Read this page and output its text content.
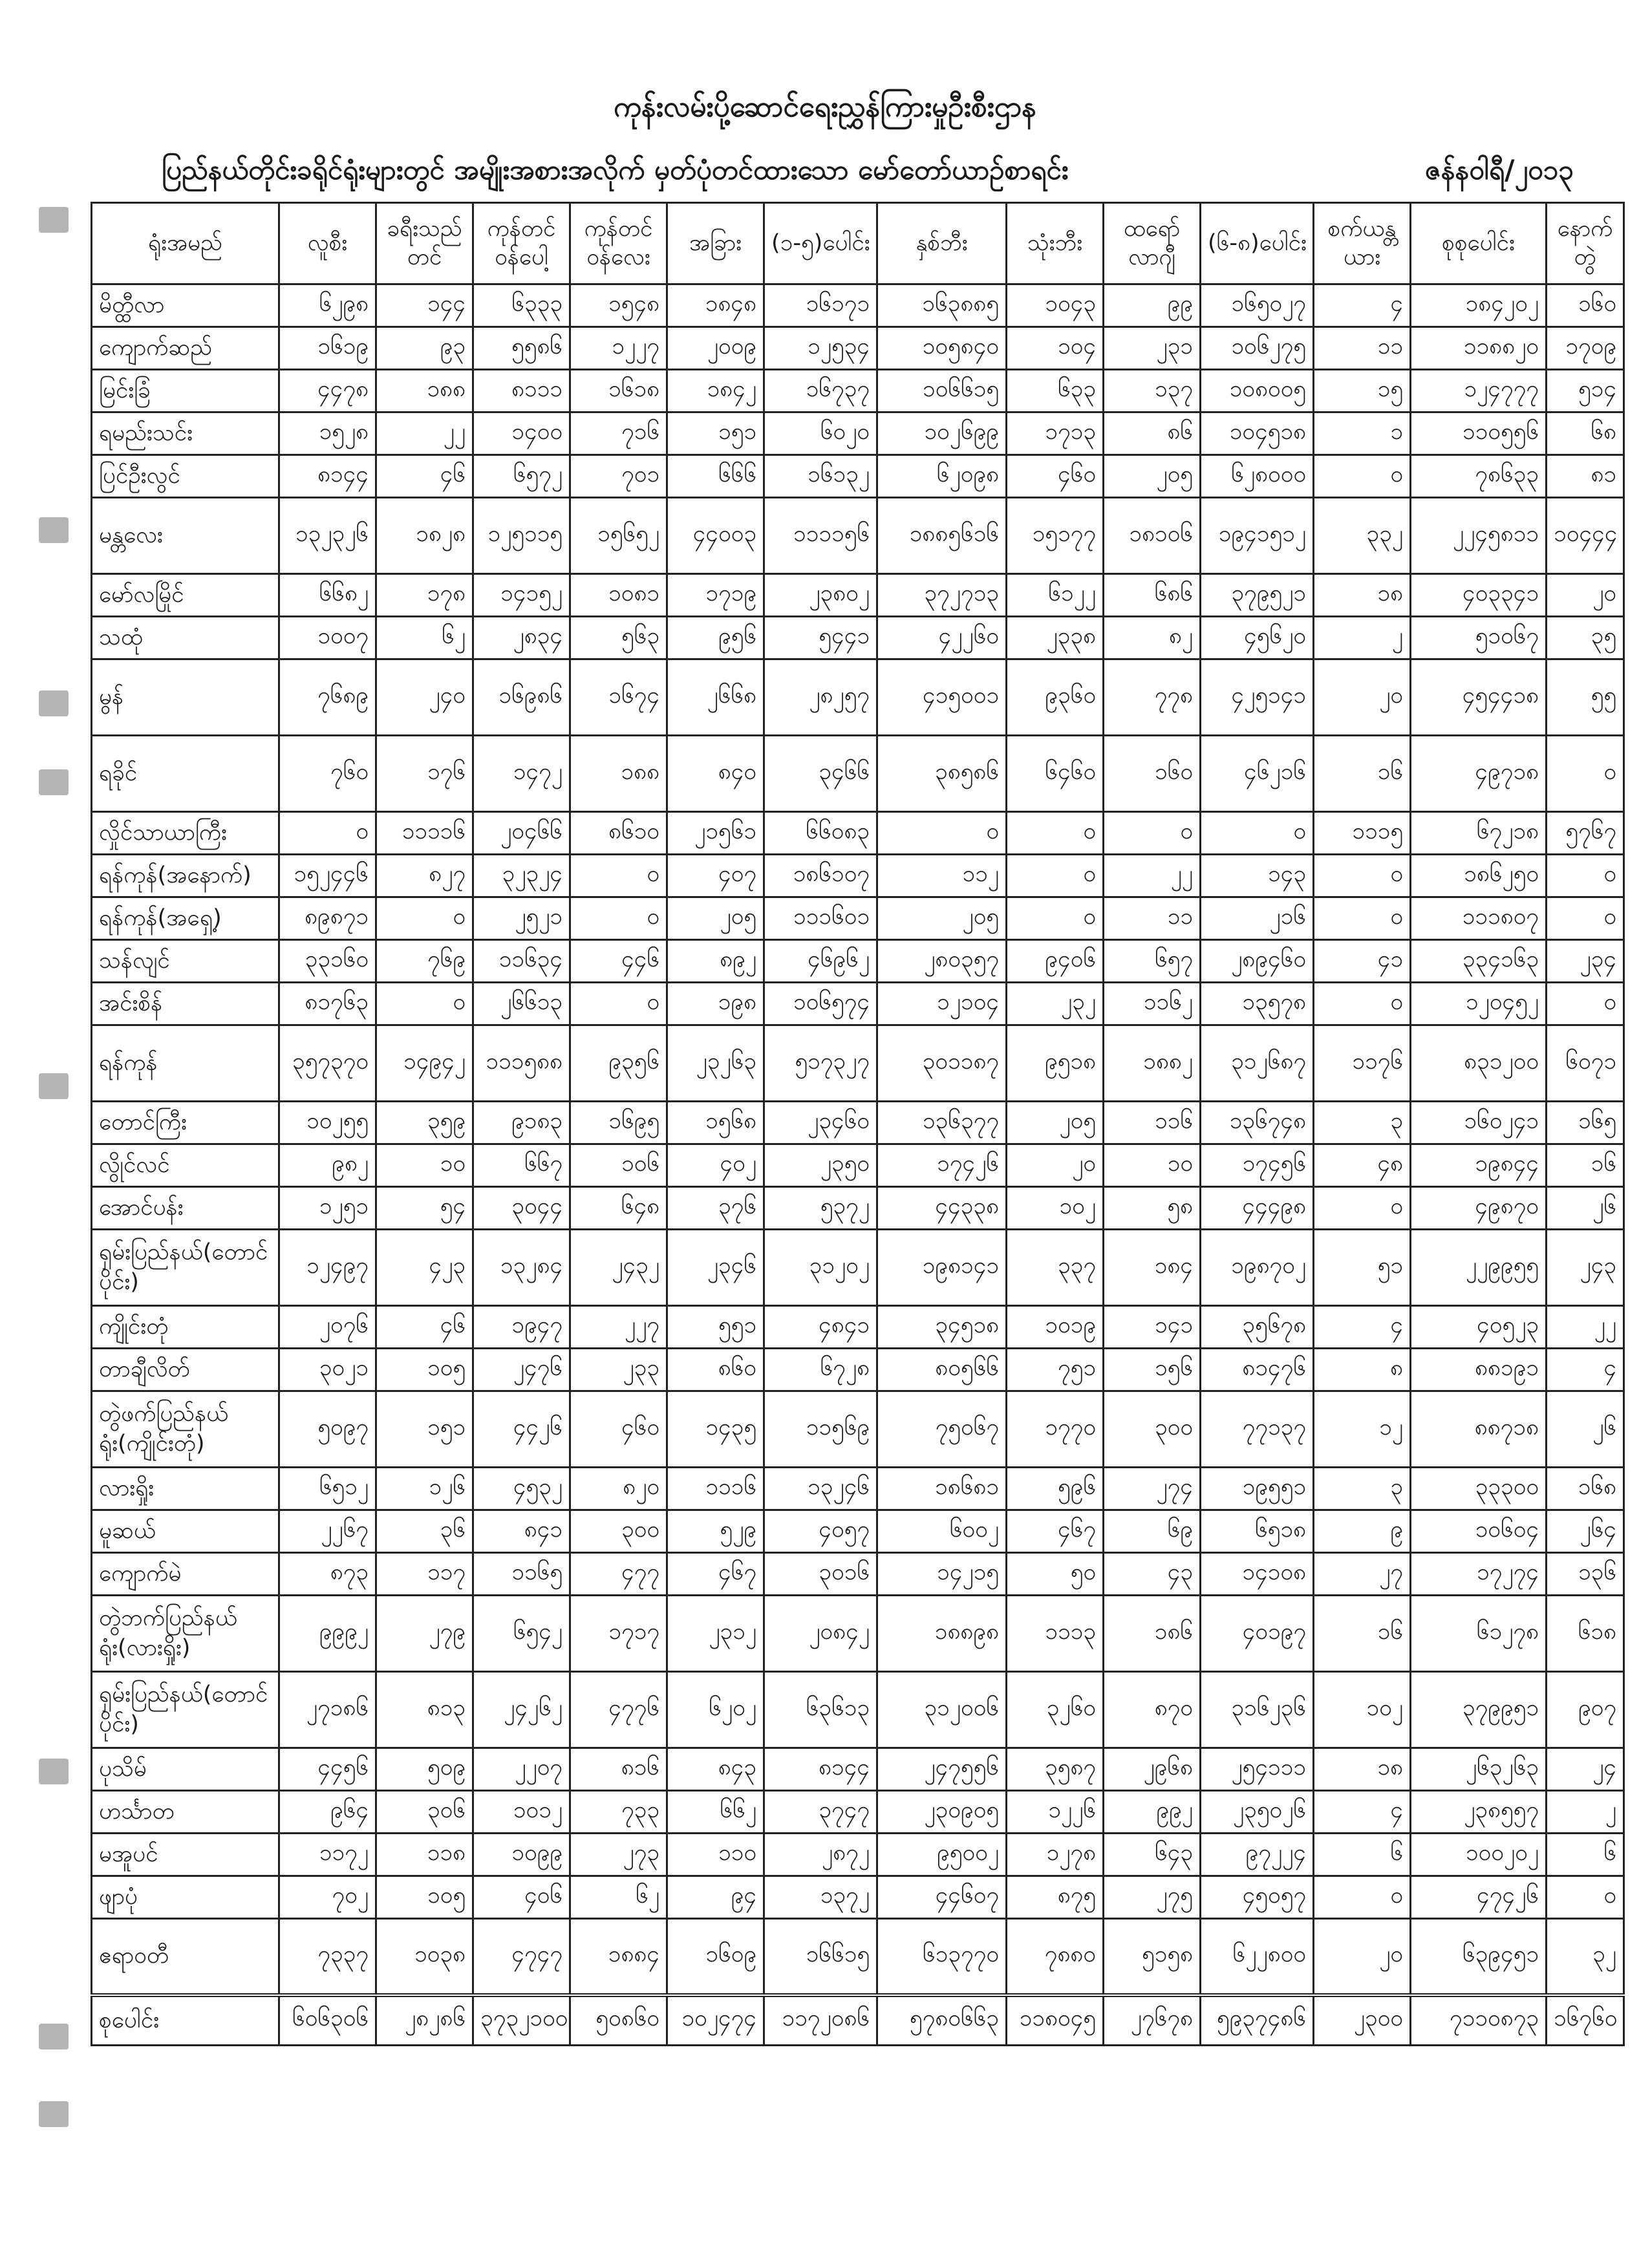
ကုန်းလမ်းပို့ဆောင်ရေးညွှန်ကြားမှုဦးစီးဌာန
ပြည်နယ်တိုင်းခရိုင်ရုံးများတွင် အမျိုးအစားအလိုက် မှတ်ပုံတင်ထားသော မော်တော်ယာဉ်စာရင်း	ဇန်နဝါရီ/၂၀၁၃
ရုံးအမည်	လူစီး	ခရီးသည်တင်	ကုန်တင်ဝန်ပေါ့	ကုန်တင်ဝန်လေး	အခြား	(၁-၅)ပေါင်း	နှစ်ဘီး	သုံးဘီး	ထရော်လာဂျီ	(၆-၈)ပေါင်း	စက်ယန္တယား	စုစုပေါင်း	နောက်တွဲ
မိတ္ထီလာ	၆၂၉၈	၁၄၄	၆၃၃၃	၁၅၄၈	၁၈၄၈	၁၆၁၇၁	၁၆၃၈၈၅	၁၀၄၃	၉၉	၁၆၅၀၂၇	၄	၁၈၄၂၀၂	၁၆၀
ကျောက်ဆည်	၁၆၁၉	၉၃	၅၅၈၆	၁၂၂၇	၂၀၀၉	၁၂၅၃၄	၁၀၅၈၄၀	၁၀၄	၂၃၁	၁၀၆၂၇၅	၁၁	၁၁၈၈၂၀	၁၇၀၉
မြင်းခြံ	၄၄၇၈	၁၈၈	၈၁၁၁	၁၆၁၈	၁၈၄၂	၁၆၇၃၇	၁၀၆၆၁၅	၆၃၃	၁၃၇	၁၀၈၀၀၅	၁၅	၁၂၄၇၇၇	၅၁၄
ရမည်းသင်း	၁၅၂၈	၂၂	၁၄၀၀	၇၁၆	၁၅၁	၆၀၂၀	၁၀၂၆၉၉	၁၇၁၃	၈၆	၁၀၄၅၁၈	၁	၁၁၀၅၅၆	၆၈
ပြင်ဦးလွင်	၈၁၄၄	၄၆	၆၅၇၂	၇၀၁	၆၆၆	၁၆၁၃၂	၆၂၀၉၈	၄၆၀	၂၀၅	၆၂၈၀၀၀	၀	၇၈၆၃၃	၈၁
မန္တလေး	၁၃၂၃၂၆	၁၈၂၈	၁၂၅၁၁၅	၁၅၆၅၂	၄၄၀၀၃	၁၁၁၁၅၆	၁၈၈၅၆၁၆	၁၅၁၇၇	၁၈၁၀၆	၁၉၄၁၅၁၂	၃၃၂	၂၂၄၅၈၁၁	၁၀၄၄၄
မော်လမြိုင်	၆၆၈၂	၁၇၈	၁၄၁၅၂	၁၀၈၁	၁၇၁၉	၂၃၈၀၂	၃၇၂၇၁၃	၆၁၂၂	၆၈၆	၃၇၉၅၂၁	၁၈	၄၀၃၃၄၁	၂၀
သထုံ	၁၀၀၇	၆၂	၂၈၃၄	၅၆၃	၉၅၆	၅၄၄၁	၄၂၂၆၀	၂၃၃၈	၈၂	၄၅၆၂၀	၂	၅၁၀၆၇	၃၅
မွန်	၇၆၈၉	၂၄၀	၁၆၉၈၆	၁၆၇၄	၂၆၆၈	၂၈၂၅၇	၄၁၅၀၀၁	၉၃၆၀	၇၇၈	၄၂၅၁၄၁	၂၀	၄၅၄၄၁၈	၅၅
ရခိုင်	၇၆၀	၁၇၆	၁၄၇၂	၁၈၈	၈၄၀	၃၄၆၆	၃၈၅၈၆	၆၄၆၀	၁၆၀	၄၆၂၁၆	၁၆	၄၉၇၁၈	၀
လှိုင်သာယာကြီး	၀	၁၁၁၁၆	၂၀၄၆၆	၈၆၁၀	၂၁၅၆၁	၆၆၀၈၃	၀	၀	၀	၀	၁၁၁၅	၆၇၂၁၈	၅၇၆၇
ရန်ကုန်(အနောက်)	၁၅၂၄၄၆	၈၂၇	၃၂၃၂၄	၀	၄၀၇	၁၈၆၁၀၇	၁၁၂	၀	၂၂	၁၄၃	၀	၁၈၆၂၅၀	၀
ရန်ကုန်(အရှေ့)	၈၉၈၇၁	၀	၂၅၂၁	၀	၂၀၅	၁၁၁၆၀၁	၂၀၅	၀	၁၁	၂၁၆	၀	၁၁၁၈၀၇	၀
သန်လျင်	၃၃၁၆၀	၇၆၉	၁၁၆၃၄	၄၄၆	၈၉၂	၄၆၉၆၂	၂၈၀၃၅၇	၉၄၀၆	၆၅၇	၂၈၉၄၆၀	၄၁	၃၃၄၁၆၃	၂၃၄
အင်းစိန်	၈၁၇၆၃	၀	၂၆၆၁၃	၀	၁၉၈	၁၀၆၅၇၄	၁၂၁၀၄	၂၃၂	၁၁၆၂	၁၃၅၇၈	၀	၁၂၀၄၅၂	၀
ရန်ကုန်	၃၅၇၃၇၀	၁၄၉၄၂	၁၁၁၅၈၈	၉၃၅၆	၂၃၂၆၃	၅၁၇၃၂၇	၃၀၁၁၈၇	၉၅၁၈	၁၈၈၂	၃၁၂၆၈၇	၁၁၇၆	၈၃၁၂၀၀	၆၀၇၁
တောင်ကြီး	၁၀၂၅၅	၃၅၉	၉၁၈၃	၁၆၉၅	၁၅၆၈	၂၃၄၆၀	၁၃၆၃၇၇	၂၀၅	၁၁၆	၁၃၆၇၄၈	၃	၁၆၀၂၄၁	၁၆၅
လွိုင်လင်	၉၈၂	၁၀	၆၆၇	၁၀၆	၄၀၂	၂၃၅၀	၁၇၄၂၆	၂၀	၁၀	၁၇၄၅၆	၄၈	၁၉၈၄၄	၁၆
အောင်ပန်း	၁၂၅၁	၅၄	၃၀၄၄	၆၄၈	၃၇၆	၅၃၇၂	၄၄၃၃၈	၁၀၂	၅၈	၄၄၄၉၈	၀	၄၉၈၇၀	၂၆
ရှမ်းပြည်နယ်(တောင်ပိုင်း)	၁၂၄၉၇	၄၂၃	၁၃၂၈၄	၂၄၃၂	၂၃၄၆	၃၁၂၀၂	၁၉၈၁၄၁	၃၃၇	၁၈၄	၁၉၈၇၀၂	၅၁	၂၂၉၉၅၅	၂၄၃
ကျိုင်းတုံ	၂၀၇၆	၄၆	၁၉၄၇	၂၂၇	၅၅၁	၄၈၄၁	၃၄၅၁၈	၁၀၁၉	၁၄၁	၃၅၆၇၈	၄	၄၀၅၂၃	၂၂
တာချီလိတ်	၃၀၂၁	၁၀၅	၂၄၇၆	၂၃၃	၈၆၀	၆၇၂၈	၈၀၅၆၆	၇၅၁	၁၅၆	၈၁၄၇၆	၈	၈၈၁၉၁	၄
တွဲဖက်ပြည်နယ်ရုံး(ကျိုင်းတုံ)	၅၀၉၇	၁၅၁	၄၄၂၆	၄၆၀	၁၄၃၅	၁၁၅၆၉	၇၅၀၆၇	၁၇၇၀	၃၀၀	၇၇၁၃၇	၁၂	၈၈၇၁၈	၂၆
လားရှိုး	၆၅၁၂	၁၂၆	၄၅၃၂	၈၂၀	၁၁၁၆	၁၃၂၄၆	၁၈၆၈၁	၅၉၆	၂၇၄	၁၉၅၅၁	၃	၃၃၃၀၀	၁၆၈
မူဆယ်	၂၂၆၇	၃၆	၈၄၁	၃၀၀	၅၂၉	၄၀၅၇	၆၀၀၂	၄၆၇	၆၉	၆၅၁၈	၉	၁၀၆၀၄	၂၆၄
ကျောက်မဲ	၈၇၃	၁၁၇	၁၁၆၅	၄၇၇	၄၆၇	၃၀၁၆	၁၄၂၁၅	၅၀	၄၃	၁၄၁၀၈	၂၇	၁၇၂၇၄	၁၃၆
တွဲဘက်ပြည်နယ်ရုံး(လားရှိုး)	၉၉၉၂	၂၇၉	၆၅၄၂	၁၇၁၇	၂၃၁၂	၂၀၈၄၂	၁၈၈၉၈	၁၁၁၃	၁၈၆	၄၀၁၉၇	၁၆	၆၁၂၇၈	၆၁၈
ရှမ်းပြည်နယ်(တောင်ပိုင်း)	၂၇၁၈၆	၈၁၃	၂၄၂၆၂	၄၇၇၆	၆၂၀၂	၆၃၆၁၃	၃၁၂၀၀၆	၃၂၆၀	၈၇၀	၃၁၆၂၃၆	၁၀၂	၃၇၉၉၅၁	၉၀၇
ပုသိမ်	၄၄၅၆	၅၀၉	၂၂၀၇	၈၁၆	၈၄၃	၈၁၄၄	၂၄၇၅၅၆	၃၅၈၇	၂၉၆၈	၂၅၄၁၁၁	၁၈	၂၆၃၂၆၃	၂၄
ဟင်္သာတ	၉၆၄	၃၀၆	၁၀၁၂	၇၃၃	၆၆၂	၃၇၄၇	၂၃၀၉၀၅	၁၂၂၆	၉၉၂	၂၃၅၀၂၆	၄	၂၃၈၅၅၇	၂
မအူပင်	၁၁၇၂	၁၁၈	၁၀၉၉	၂၇၃	၁၁၀	၂၈၇၂	၉၅၀၀၂	၁၂၇၈	၆၄၃	၉၇၂၂၄	၆	၁၀၀၂၀၂	၆
ဖျာပုံ	၇၀၂	၁၀၅	၄၀၆	၆၂	၉၄	၁၃၇၂	၄၄၆၀၇	၈၇၅	၂၇၅	၄၅၀၅၇	၀	၄၇၄၂၆	၀
ဧရာဝတီ	၇၃၃၇	၁၀၃၈	၄၇၄၇	၁၈၈၄	၁၆၀၉	၁၆၆၁၅	၆၁၃၇၇၀	၇၈၈၀	၅၁၅၈	၆၂၂၈၀၀	၂၀	၆၃၉၄၅၁	၃၂
စုပေါင်း	၆၀၆၃၀၆	၂၈၂၈၆	၃၇၃၂၁၀၀	၅၀၈၆၀	၁၀၂၄၇၄	၁၁၇၂၀၈၆	၅၇၈၀၆၆၃	၁၁၈၀၄၅	၂၇၆၇၈	၅၉၃၇၄၈၆	၂၃၀၀	၇၁၁၀၈၇၃	၁၆၇၆၀
